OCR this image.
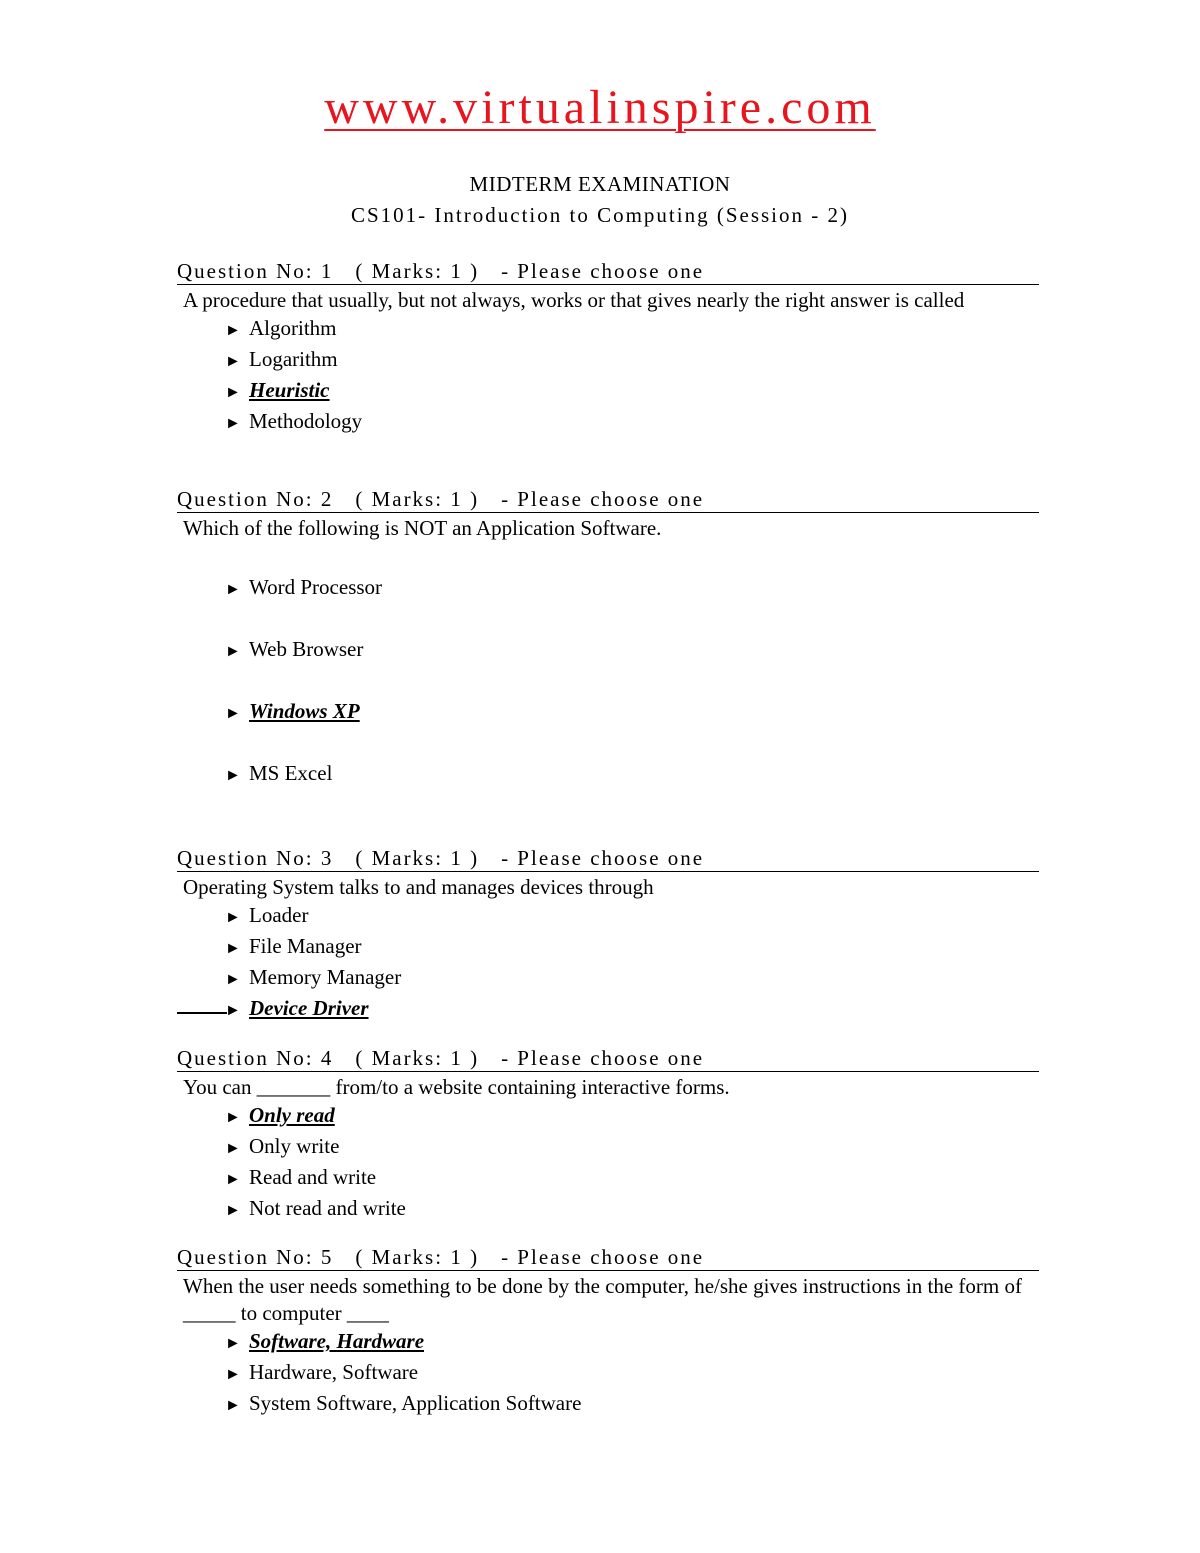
www.virtualinspire.com
MIDTERM EXAMINATION
CS101- Introduction to Computing (Session - 2)
Question No: 1 ( Marks: 1 ) - Please choose one
A procedure that usually, but not always, works or that gives nearly the right answer is called
► Algorithm
► Logarithm
► Heuristic
► Methodology
Question No: 2 ( Marks: 1 ) - Please choose one
Which of the following is NOT an Application Software.
► Word Processor
► Web Browser
► Windows XP
► MS Excel
Question No: 3 ( Marks: 1 ) - Please choose one
Operating System talks to and manages devices through
► Loader
► File Manager
► Memory Manager
► Device Driver
Question No: 4 ( Marks: 1 ) - Please choose one
You can _______ from/to a website containing interactive forms.
► Only read
► Only write
► Read and write
► Not read and write
Question No: 5 ( Marks: 1 ) - Please choose one
When the user needs something to be done by the computer, he/she gives instructions in the form of _____ to computer ____
► Software, Hardware
► Hardware, Software
► System Software, Application Software
